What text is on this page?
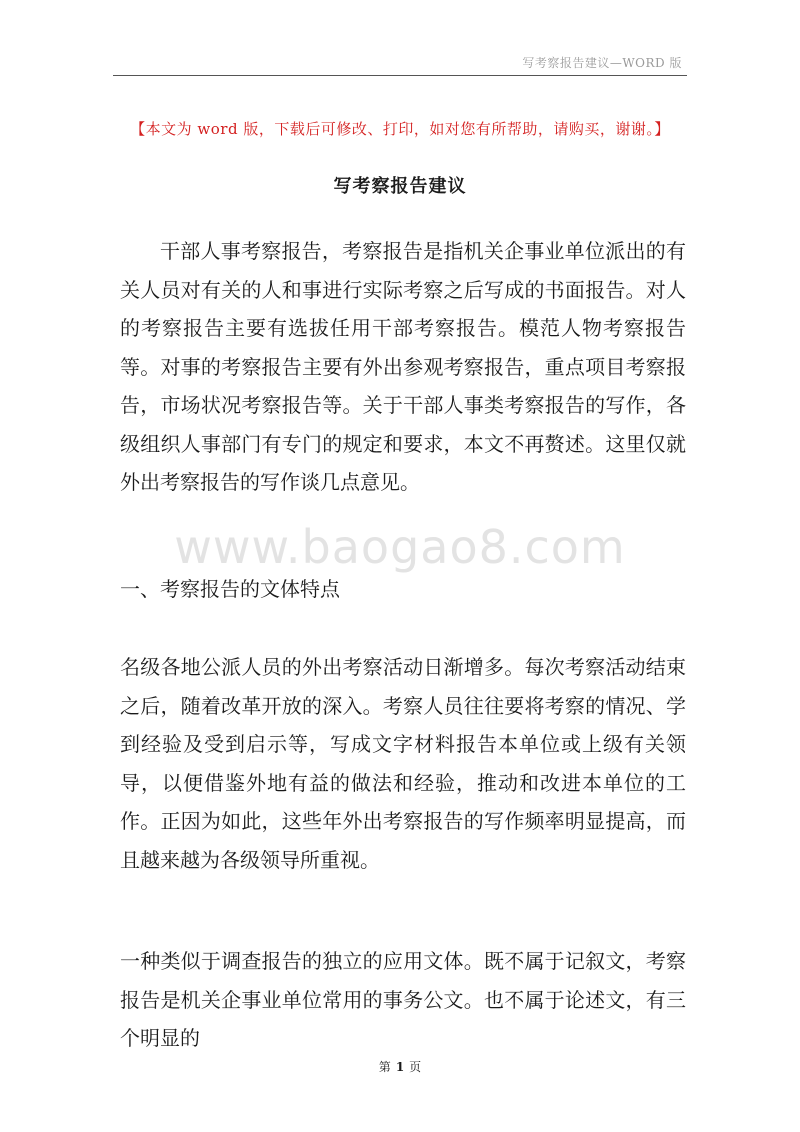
写考察报告建议—WORD 版
【本文为 word 版，下载后可修改、打印，如对您有所帮助，请购买，谢谢。】
写考察报告建议

干部人事考察报告，考察报告是指机关企事业单位派出的有关人员对有关的人和事进行实际考察之后写成的书面报告。对人的考察报告主要有选拔任用干部考察报告。模范人物考察报告等。对事的考察报告主要有外出参观考察报告，重点项目考察报告，市场状况考察报告等。关于干部人事类考察报告的写作，各级组织人事部门有专门的规定和要求，本文不再赘述。这里仅就外出考察报告的写作谈几点意见。

www.baogao8.com
一、考察报告的文体特点

名级各地公派人员的外出考察活动日渐增多。每次考察活动结束之后，随着改革开放的深入。考察人员往往要将考察的情况、学到经验及受到启示等，写成文字材料报告本单位或上级有关领导，以便借鉴外地有益的做法和经验，推动和改进本单位的工作。正因为如此，这些年外出考察报告的写作频率明显提高，而且越来越为各级领导所重视。

一种类似于调查报告的独立的应用文体。既不属于记叙文，考察报告是机关企事业单位常用的事务公文。也不属于论述文，有三个明显的

第 1 页
